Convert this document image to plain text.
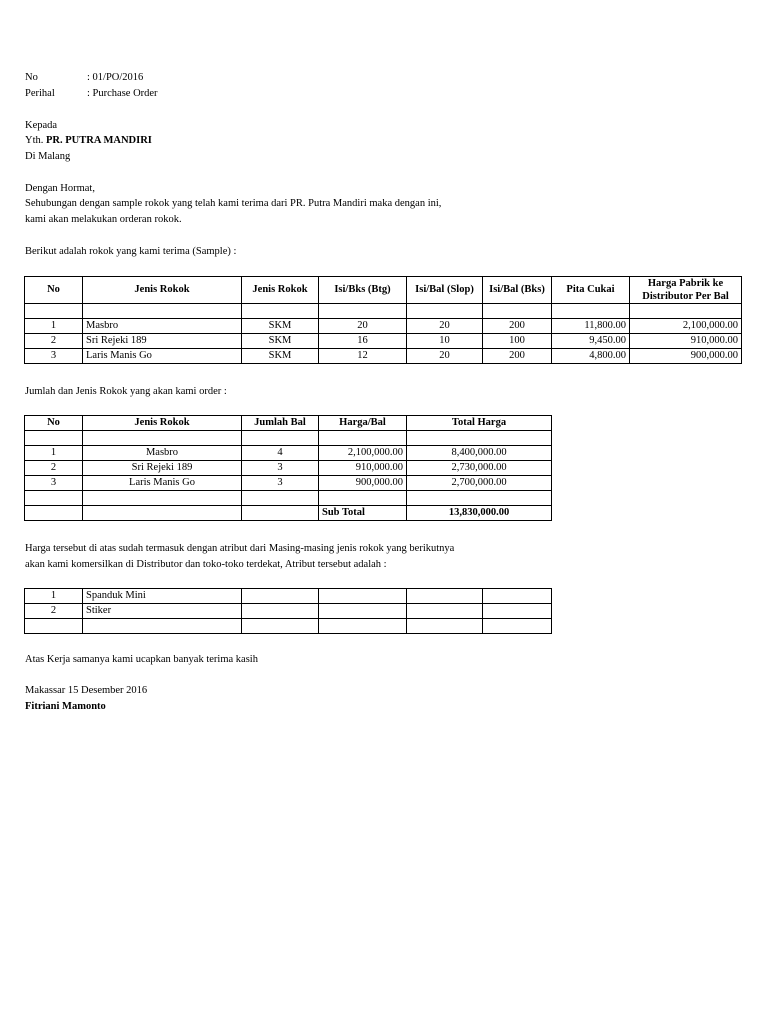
No	: 01/PO/2016
Perihal	: Purchase Order
Kepada
Yth. PR. PUTRA MANDIRI
Di Malang
Dengan Hormat,
Sehubungan dengan sample rokok yang telah kami terima dari PR. Putra Mandiri maka dengan ini,
kami akan melakukan orderan rokok.
Berikut adalah rokok yang kami terima (Sample) :
No	Jenis Rokok	Jenis Rokok	Isi/Bks (Btg)	Isi/Bal (Slop)	Isi/Bal (Bks)	Pita Cukai	Harga Pabrik ke Distributor Per Bal

1	Masbro	SKM	20	20	200	11,800.00	2,100,000.00
2	Sri Rejeki 189	SKM	16	10	100	9,450.00	910,000.00
3	Laris Manis Go	SKM	12	20	200	4,800.00	900,000.00
Jumlah dan Jenis Rokok yang akan kami order :
No	Jenis Rokok	Jumlah Bal	Harga/Bal	Total Harga

1	Masbro	4	2,100,000.00	8,400,000.00
2	Sri Rejeki 189	3	910,000.00	2,730,000.00
3	Laris Manis Go	3	900,000.00	2,700,000.00

			Sub Total	13,830,000.00
Harga tersebut di atas sudah termasuk dengan atribut dari Masing-masing jenis rokok yang berikutnya
akan kami komersilkan di Distributor dan toko-toko terdekat, Atribut tersebut adalah :
1	Spanduk Mini				
2	Stiker				

Atas Kerja samanya kami ucapkan banyak terima kasih
Makassar 15 Desember 2016
Fitriani Mamonto
